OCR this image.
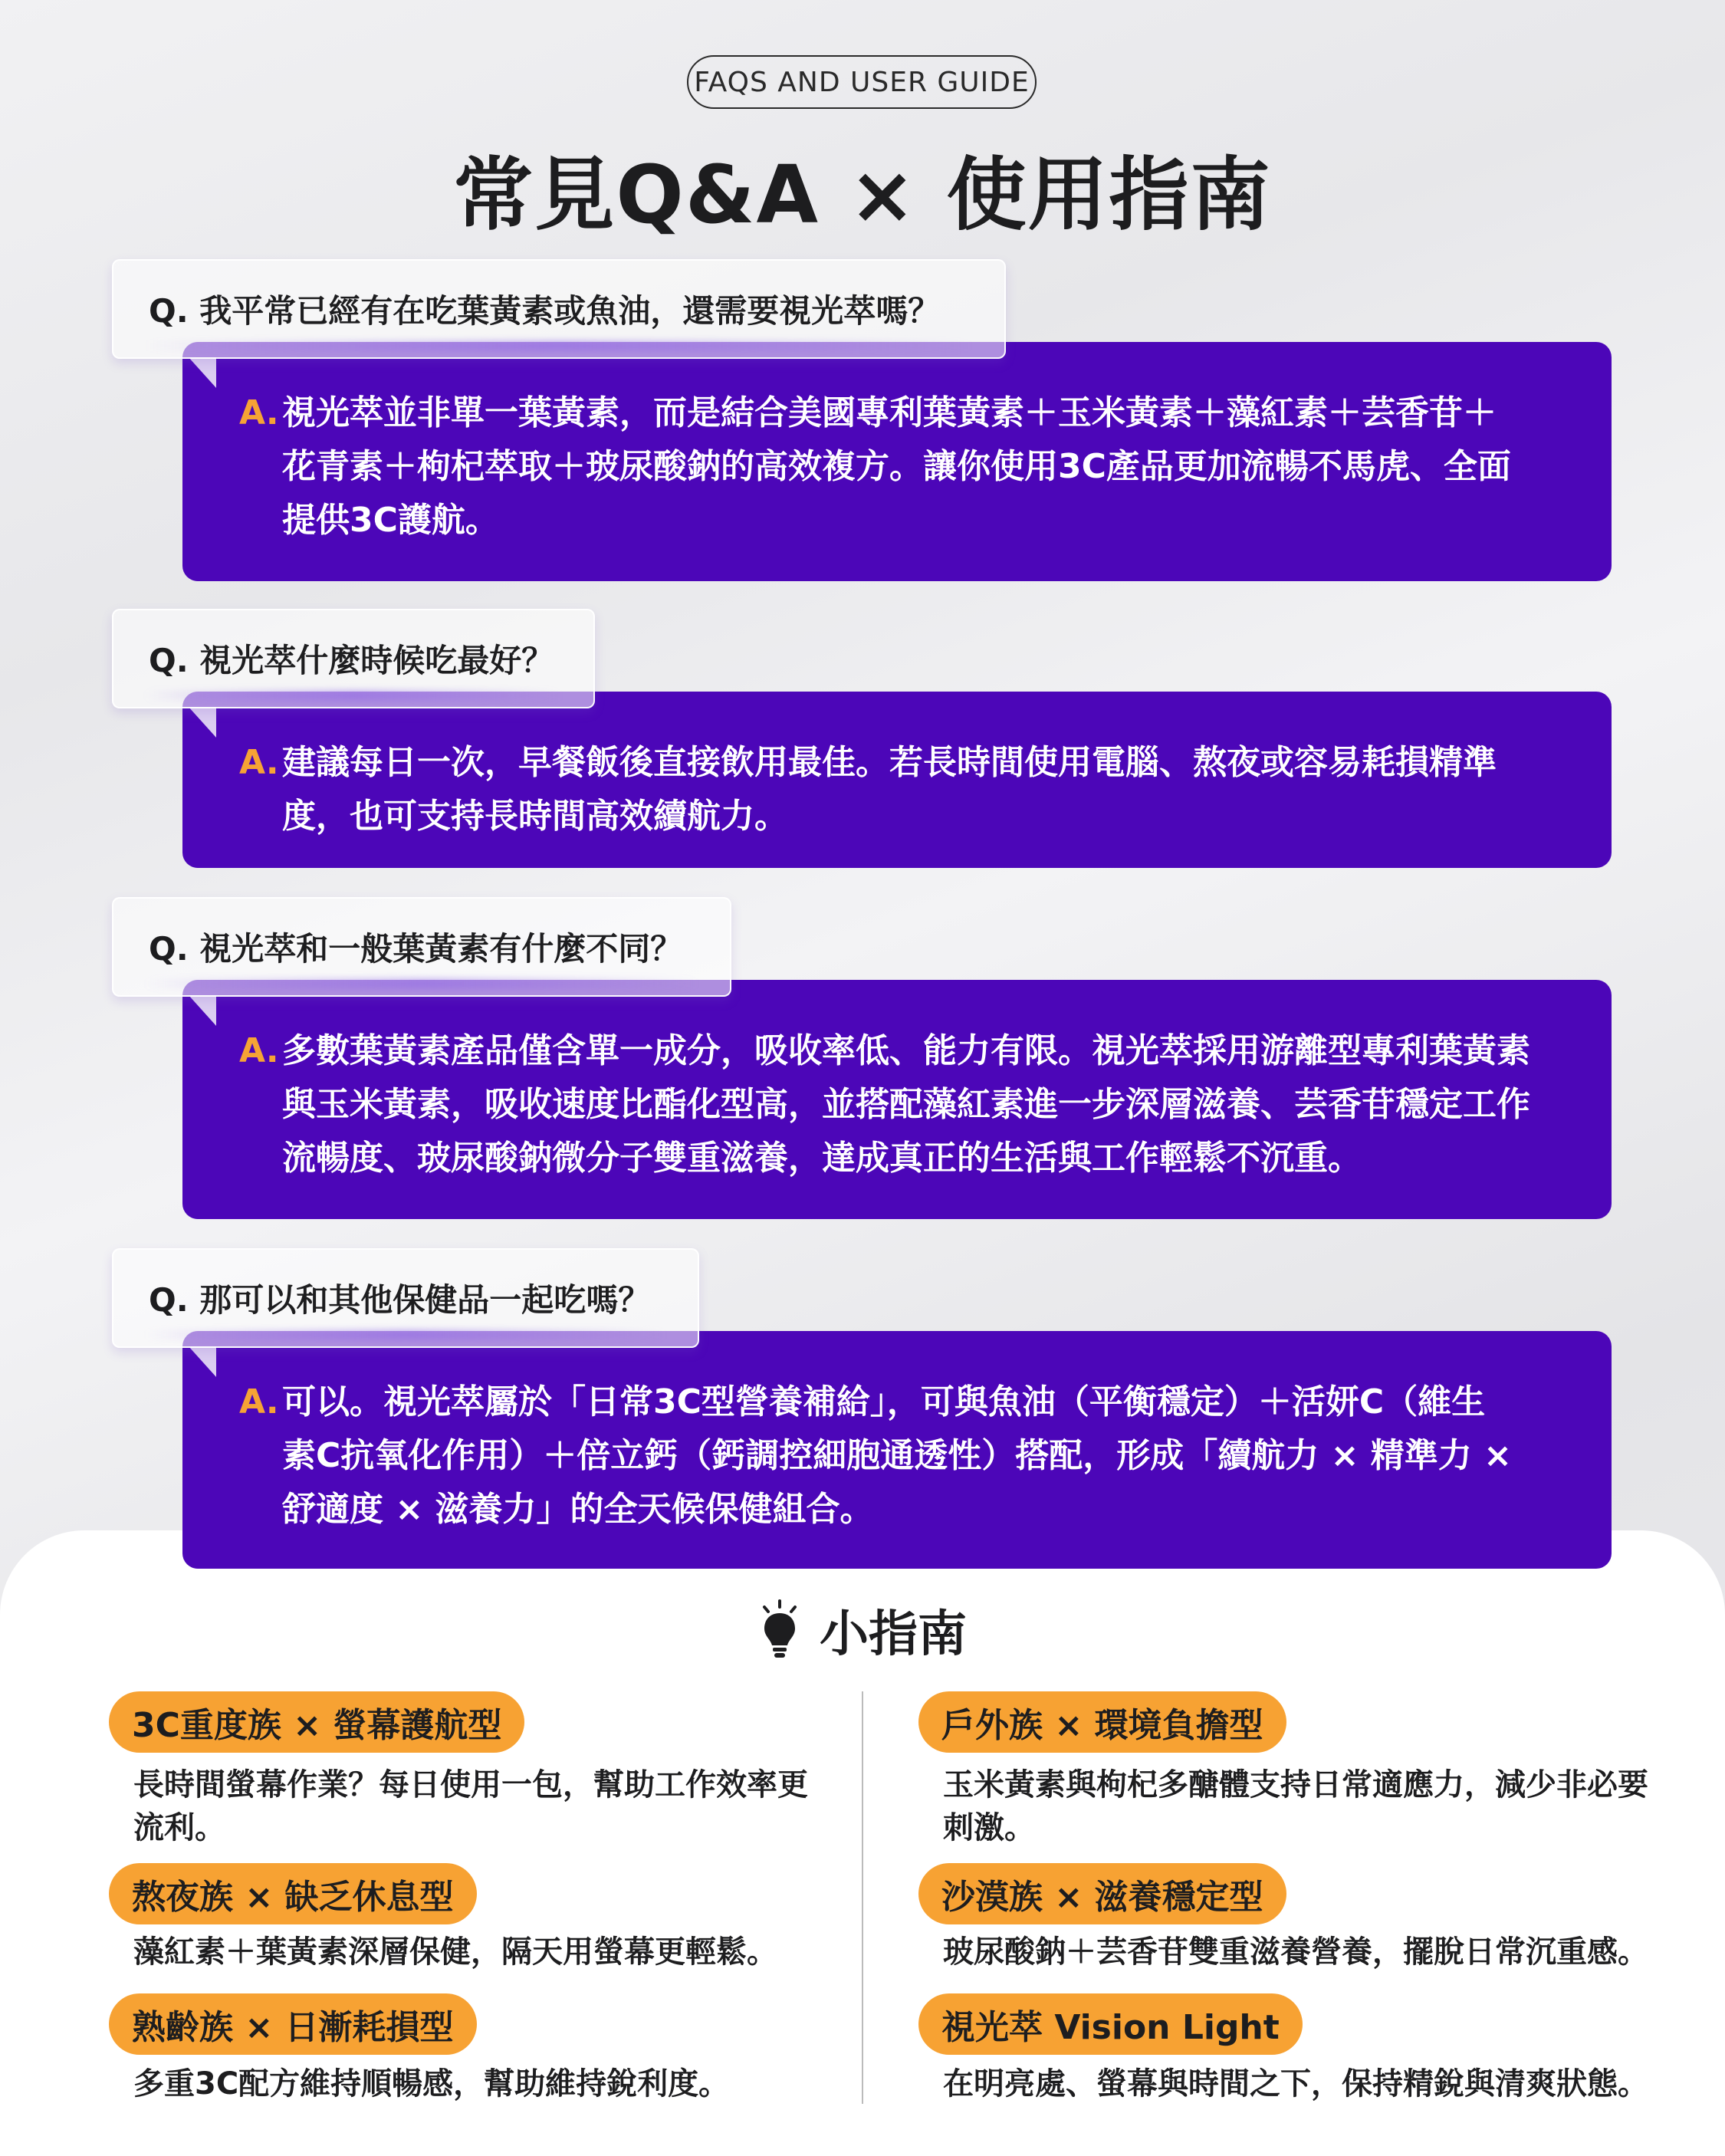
FAQS AND USER GUIDE
常見Q&A × 使用指南
Q. 我平常已經有在吃葉黃素或魚油，還需要視光萃嗎？
A. 視光萃並非單一葉黃素，而是結合美國專利葉黃素＋玉米黃素＋藻紅素＋芸香苷＋
花青素＋枸杞萃取＋玻尿酸鈉的高效複方。讓你使用3C產品更加流暢不馬虎、全面
提供3C護航。
Q. 視光萃什麼時候吃最好？
A. 建議每日一次，早餐飯後直接飲用最佳。若長時間使用電腦、熬夜或容易耗損精準
度，也可支持長時間高效續航力。
Q. 視光萃和一般葉黃素有什麼不同？
A. 多數葉黃素產品僅含單一成分，吸收率低、能力有限。視光萃採用游離型專利葉黃素
與玉米黃素，吸收速度比酯化型高，並搭配藻紅素進一步深層滋養、芸香苷穩定工作
流暢度、玻尿酸鈉微分子雙重滋養，達成真正的生活與工作輕鬆不沉重。
Q. 那可以和其他保健品一起吃嗎？
A. 可以。視光萃屬於「日常3C型營養補給」，可與魚油（平衡穩定）＋活妍C（維生
素C抗氧化作用）＋倍立鈣（鈣調控細胞通透性）搭配，形成「續航力 × 精準力 ×
舒適度 × 滋養力」的全天候保健組合。
小指南
3C重度族 × 螢幕護航型
長時間螢幕作業？每日使用一包，幫助工作效率更
流利。
熬夜族 × 缺乏休息型
藻紅素＋葉黃素深層保健，隔天用螢幕更輕鬆。
熟齡族 × 日漸耗損型
多重3C配方維持順暢感，幫助維持銳利度。
戶外族 × 環境負擔型
玉米黃素與枸杞多醣體支持日常適應力，減少非必要
刺激。
沙漠族 × 滋養穩定型
玻尿酸鈉＋芸香苷雙重滋養營養，擺脫日常沉重感。
視光萃 Vision Light
在明亮處、螢幕與時間之下，保持精銳與清爽狀態。
